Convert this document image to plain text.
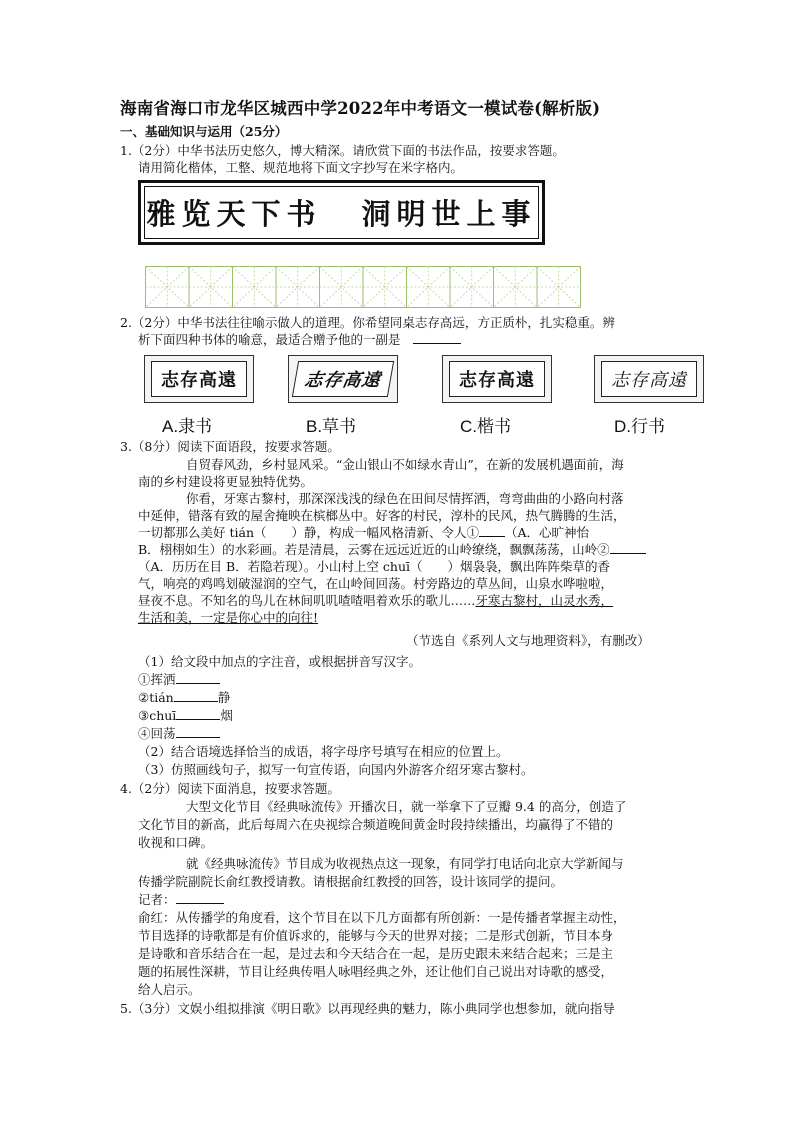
海南省海口市龙华区城西中学2022年中考语文一模试卷(解析版)
一、基础知识与运用（25分）
1.（2分）中华书法历史悠久，博大精深。请欣赏下面的书法作品，按要求答题。
请用简化楷体，工整、规范地将下面文字抄写在米字格内。
雅览天下书 洞明世上事
2.（2分）中华书法往往喻示做人的道理。你希望同桌志存高远，方正质朴，扎实稳重。辨
析下面四种书体的喻意，最适合赠予他的一副是
志存高遠	志存高遠	志存高遠	志存高遠
A.隶书	B.草书	C.楷书	D.行书
3.（8分）阅读下面语段，按要求答题。
自贸春风劲，乡村显风采。“金山银山不如绿水青山”，在新的发展机遇面前，海
南的乡村建设将更显独特优势。
你看，牙寒古黎村，那深深浅浅的绿色在田间尽情挥洒，弯弯曲曲的小路向村落
中延伸，错落有致的屋舍掩映在槟榔丛中。好客的村民，淳朴的民风，热气腾腾的生活，
一切都那么美好 tián（　　）静，构成一幅风格清新、令人① （A．心旷神怡
B．栩栩如生）的水彩画。若是清晨，云雾在远远近近的山岭缭绕，飘飘荡荡，山岭②
（A．历历在目 B．若隐若现）。小山村上空 chuī（　　）烟袅袅，飘出阵阵柴草的香
气，响亮的鸡鸣划破湿润的空气，在山岭间回荡。村旁路边的草丛间，山泉水哗啦啦，
昼夜不息。不知名的鸟儿在林间叽叽喳喳唱着欢乐的歌儿……牙寒古黎村，山灵水秀，
生活和美，一定是你心中的向往!
（节选自《系列人文与地理资料》，有删改）
（1）给文段中加点的字注音，或根据拼音写汉字。
①挥洒
②tián	静
③chuī	烟
④回荡
（2）结合语境选择恰当的成语，将字母序号填写在相应的位置上。
（3）仿照画线句子，拟写一句宣传语，向国内外游客介绍牙寒古黎村。
4.（2分）阅读下面消息，按要求答题。
大型文化节目《经典咏流传》开播次日，就一举拿下了豆瓣 9.4 的高分，创造了
文化节目的新高，此后每周六在央视综合频道晚间黄金时段持续播出，均赢得了不错的
收视和口碑。
就《经典咏流传》节目成为收视热点这一现象，有同学打电话向北京大学新闻与
传播学院副院长俞红教授请教。请根据俞红教授的回答，设计该同学的提问。
记者：
俞红：从传播学的角度看，这个节目在以下几方面都有所创新：一是传播者掌握主动性，
节目选择的诗歌都是有价值诉求的，能够与今天的世界对接；二是形式创新，节目本身
是诗歌和音乐结合在一起，是过去和今天结合在一起，是历史跟未来结合起来；三是主
题的拓展性深耕，节目让经典传唱人咏唱经典之外，还让他们自己说出对诗歌的感受，
给人启示。
5.（3分）文娱小组拟排演《明日歌》以再现经典的魅力，陈小典同学也想参加，就向指导
